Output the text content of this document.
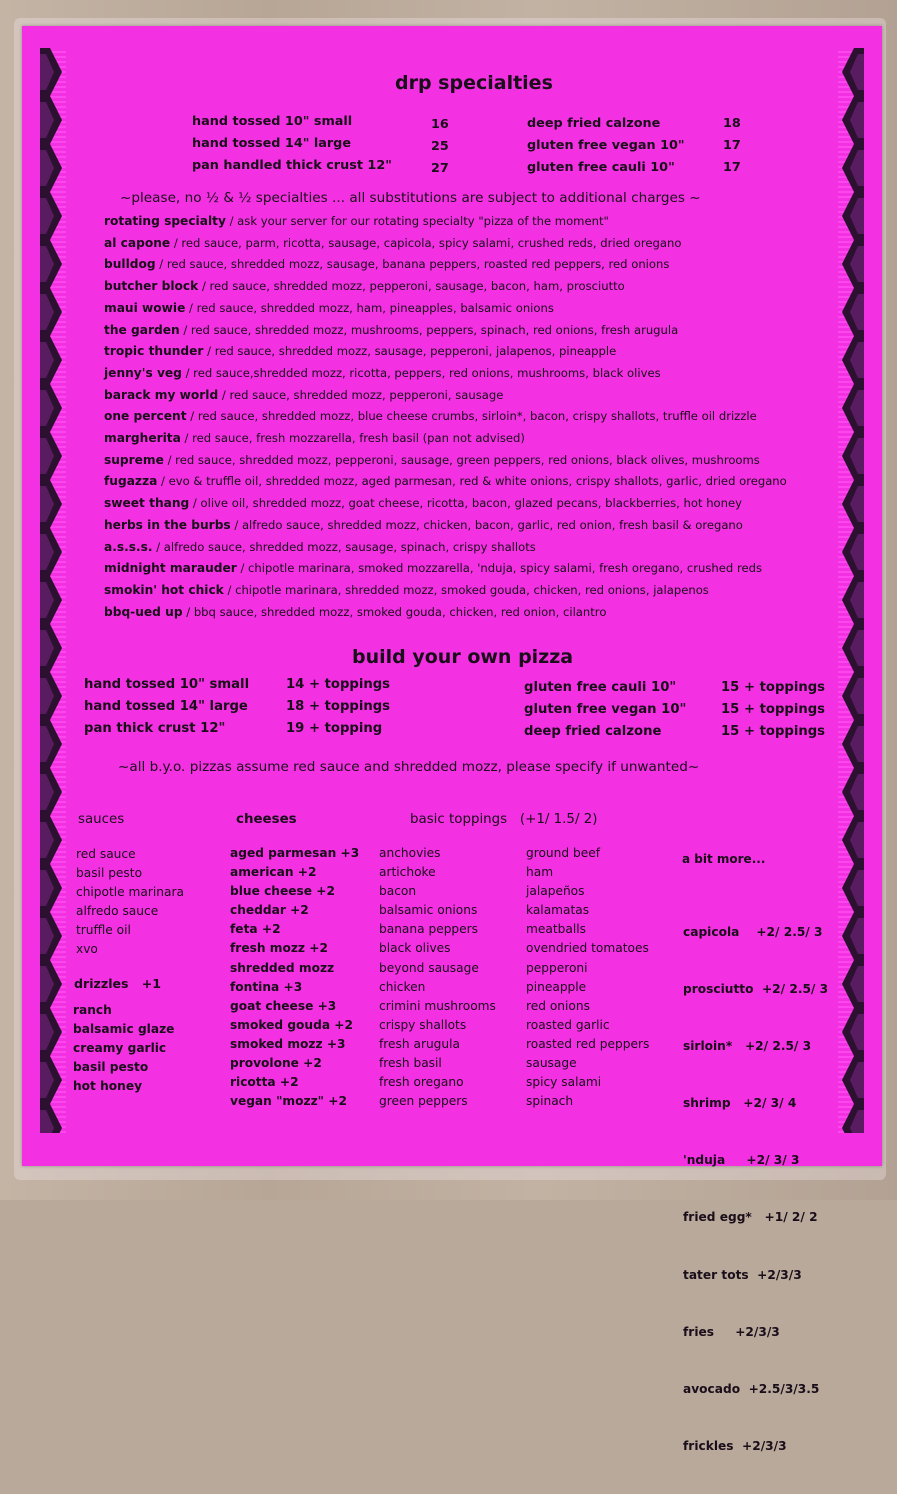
drp specialties
hand tossed 10" small
hand tossed 14" large
pan handled thick crust 12"
16
25
27
deep fried calzone
gluten free vegan 10"
gluten free cauli 10"
18
17
17
~please, no ½ & ½ specialties ... all substitutions are subject to additional charges ~
rotating specialty / ask your server for our rotating specialty "pizza of the moment"
al capone / red sauce, parm, ricotta, sausage, capicola, spicy salami, crushed reds, dried oregano
bulldog / red sauce, shredded mozz, sausage, banana peppers, roasted red peppers, red onions
butcher block / red sauce, shredded mozz, pepperoni, sausage, bacon, ham, prosciutto
maui wowie / red sauce, shredded mozz, ham, pineapples, balsamic onions
the garden / red sauce, shredded mozz, mushrooms, peppers, spinach, red onions, fresh arugula
tropic thunder / red sauce, shredded mozz, sausage, pepperoni, jalapenos, pineapple
jenny's veg / red sauce,shredded mozz, ricotta, peppers, red onions, mushrooms, black olives
barack my world / red sauce, shredded mozz, pepperoni, sausage
one percent / red sauce, shredded mozz, blue cheese crumbs, sirloin*, bacon, crispy shallots, truffle oil drizzle
margherita / red sauce, fresh mozzarella, fresh basil (pan not advised)
supreme / red sauce, shredded mozz, pepperoni, sausage, green peppers, red onions, black olives, mushrooms
fugazza / evo & truffle oil, shredded mozz, aged parmesan, red & white onions, crispy shallots, garlic, dried oregano
sweet thang / olive oil, shredded mozz, goat cheese, ricotta, bacon, glazed pecans, blackberries, hot honey
herbs in the burbs / alfredo sauce, shredded mozz, chicken, bacon, garlic, red onion, fresh basil & oregano
a.s.s.s. / alfredo sauce, shredded mozz, sausage, spinach, crispy shallots
midnight marauder / chipotle marinara, smoked mozzarella, 'nduja, spicy salami, fresh oregano, crushed reds
smokin' hot chick / chipotle marinara, shredded mozz, smoked gouda, chicken, red onions, jalapenos
bbq-ued up / bbq sauce, shredded mozz, smoked gouda, chicken, red onion, cilantro
build your own pizza
hand tossed 10" small
hand tossed 14" large
pan thick crust 12"
14 + toppings
18 + toppings
19 + topping
gluten free cauli 10"
gluten free vegan 10"
deep fried calzone
15 + toppings
15 + toppings
15 + toppings
~all b.y.o. pizzas assume red sauce and shredded mozz, please specify if unwanted~
sauces
red sauce
basil pesto
chipotle marinara
alfredo sauce
truffle oil
xvo
drizzles   +1
ranch
balsamic glaze
creamy garlic
basil pesto
hot honey
cheeses
aged parmesan +3
american +2
blue cheese +2
cheddar +2
feta +2
fresh mozz +2
shredded mozz
fontina +3
goat cheese +3
smoked gouda +2
smoked mozz +3
provolone +2
ricotta +2
vegan "mozz" +2
basic toppings   (+1/ 1.5/ 2)
anchovies
artichoke
bacon
balsamic onions
banana peppers
black olives
beyond sausage
chicken
crimini mushrooms
crispy shallots
fresh arugula
fresh basil
fresh oregano
green peppers
ground beef
ham
jalapeños
kalamatas
meatballs
ovendried tomatoes
pepperoni
pineapple
red onions
roasted garlic
roasted red peppers
sausage
spicy salami
spinach
a bit more...

capicola    +2/ 2.5/ 3

prosciutto  +2/ 2.5/ 3

sirloin*   +2/ 2.5/ 3

shrimp   +2/ 3/ 4

'nduja     +2/ 3/ 3

fried egg*   +1/ 2/ 2

tater tots  +2/3/3

fries     +2/3/3

avocado  +2.5/3/3.5

frickles  +2/3/3
